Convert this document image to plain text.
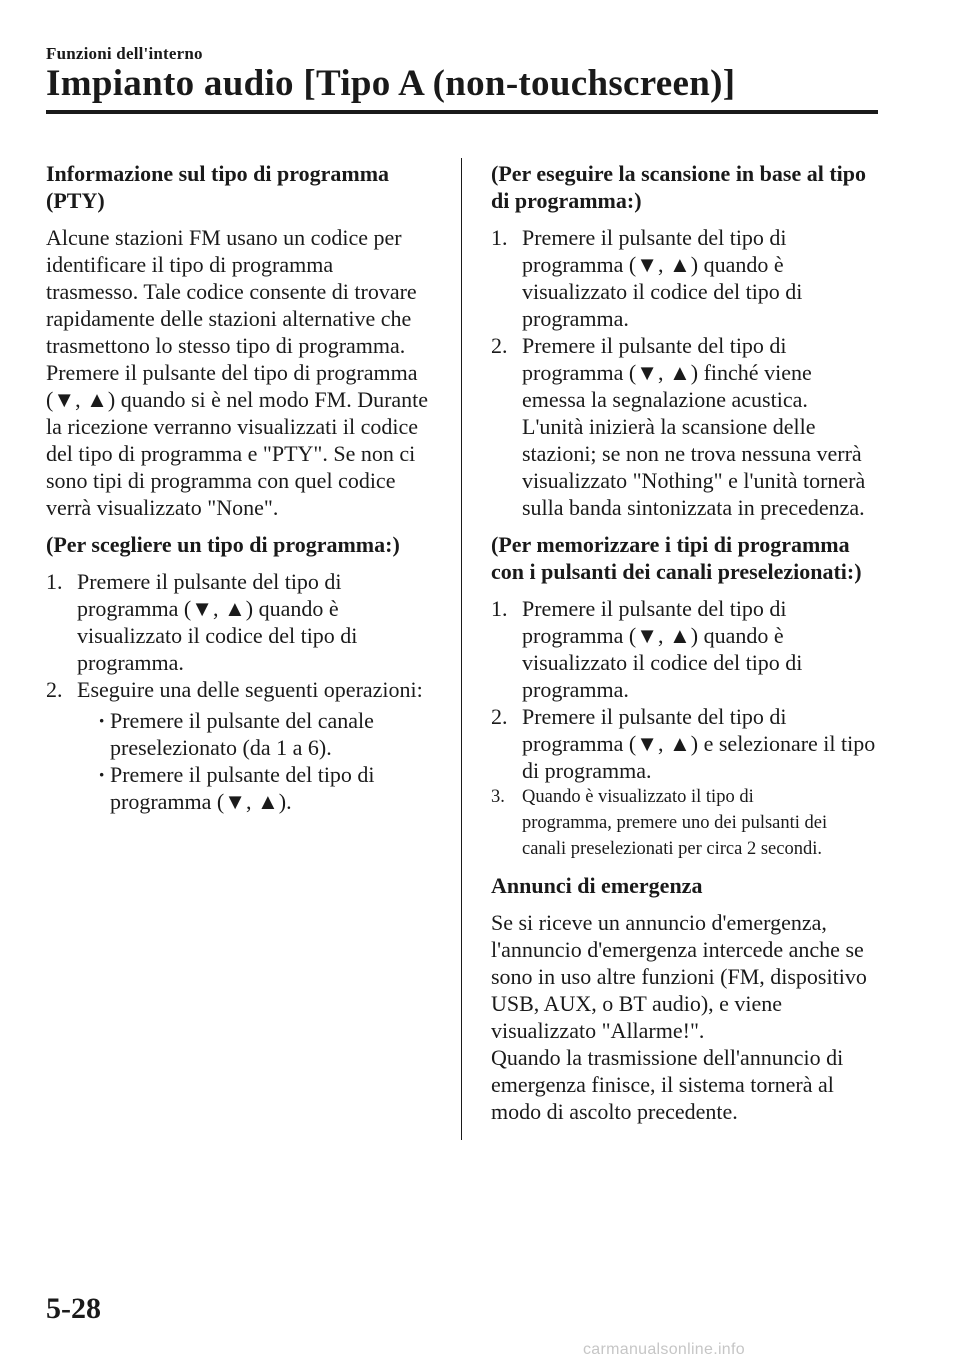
Funzioni dell'interno
Impianto audio [Tipo A (non-touchscreen)]
Informazione sul tipo di programma
(PTY)
Alcune stazioni FM usano un codice per
identificare il tipo di programma
trasmesso. Tale codice consente di trovare
rapidamente delle stazioni alternative che
trasmettono lo stesso tipo di programma.
Premere il pulsante del tipo di programma
(▼, ▲) quando si è nel modo FM. Durante
la ricezione verranno visualizzati il codice
del tipo di programma e "PTY". Se non ci
sono tipi di programma con quel codice
verrà visualizzato "None".
(Per scegliere un tipo di programma:)
1. Premere il pulsante del tipo di
programma (▼, ▲) quando è
visualizzato il codice del tipo di
programma.
2. Eseguire una delle seguenti operazioni:
· Premere il pulsante del canale
preselezionato (da 1 a 6).
· Premere il pulsante del tipo di
programma (▼, ▲).
(Per eseguire la scansione in base al tipo
di programma:)
1. Premere il pulsante del tipo di
programma (▼, ▲) quando è
visualizzato il codice del tipo di
programma.
2. Premere il pulsante del tipo di
programma (▼, ▲) finché viene
emessa la segnalazione acustica.
L'unità inizierà la scansione delle
stazioni; se non ne trova nessuna verrà
visualizzato "Nothing" e l'unità tornerà
sulla banda sintonizzata in precedenza.
(Per memorizzare i tipi di programma
con i pulsanti dei canali preselezionati:)
1. Premere il pulsante del tipo di
programma (▼, ▲) quando è
visualizzato il codice del tipo di
programma.
2. Premere il pulsante del tipo di
programma (▼, ▲) e selezionare il tipo
di programma.
3. Quando è visualizzato il tipo di
programma, premere uno dei pulsanti dei
canali preselezionati per circa 2 secondi.
Annunci di emergenza
Se si riceve un annuncio d'emergenza,
l'annuncio d'emergenza intercede anche se
sono in uso altre funzioni (FM, dispositivo
USB, AUX, o BT audio), e viene
visualizzato "Allarme!".
Quando la trasmissione dell'annuncio di
emergenza finisce, il sistema tornerà al
modo di ascolto precedente.
5-28
carmanualsonline.info
